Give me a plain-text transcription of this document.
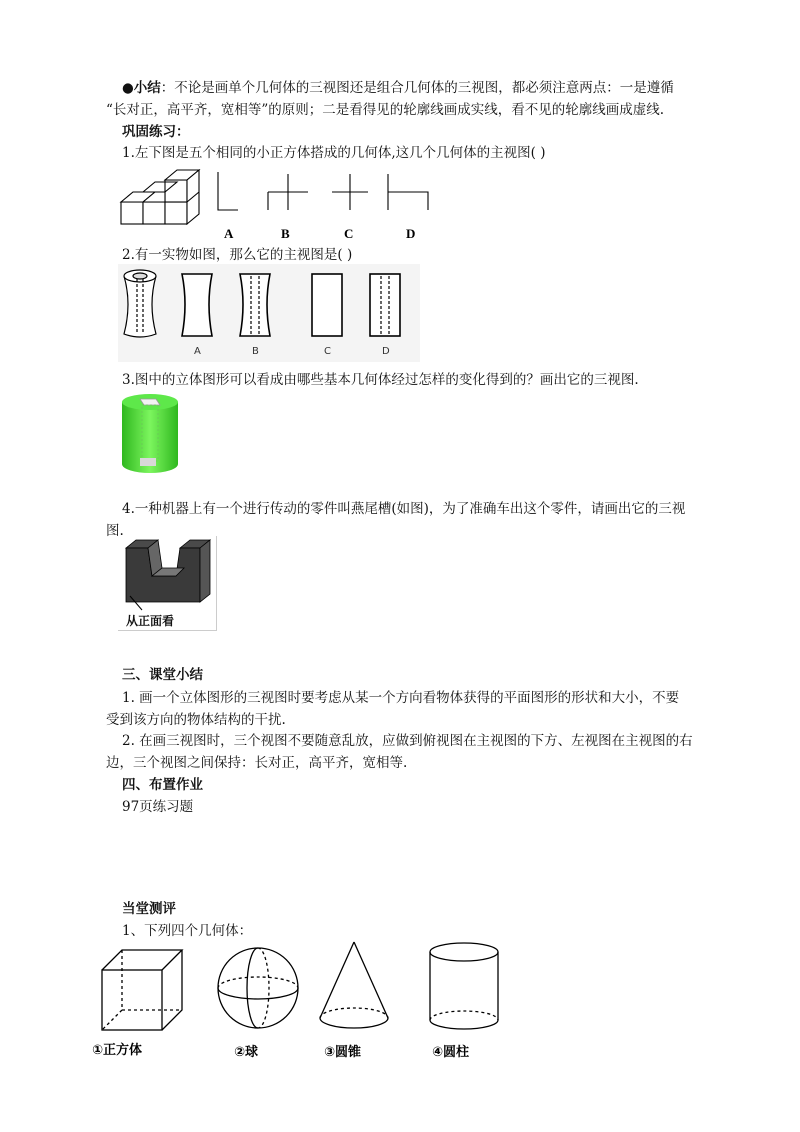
●小结：不论是画单个几何体的三视图还是组合几何体的三视图，都必须注意两点：一是遵循
“长对正，高平齐，宽相等”的原则；二是看得见的轮廓线画成实线，看不见的轮廓线画成虚线.
巩固练习：
1.左下图是五个相同的小正方体搭成的几何体,这几个几何体的主视图( )
A	B	C	D
2.有一实物如图，那么它的主视图是( )
A	B	C	D
3.图中的立体图形可以看成由哪些基本几何体经过怎样的变化得到的？画出它的三视图.
4.一种机器上有一个进行传动的零件叫燕尾槽(如图)，为了准确车出这个零件，请画出它的三视
图.
从正面看
三、课堂小结
1. 画一个立体图形的三视图时要考虑从某一个方向看物体获得的平面图形的形状和大小，不要
受到该方向的物体结构的干扰.
2. 在画三视图时，三个视图不要随意乱放，应做到俯视图在主视图的下方、左视图在主视图的右
边，三个视图之间保持：长对正，高平齐，宽相等.
四、布置作业
97页练习题
当堂测评
1、下列四个几何体：
①正方体	②球	③圆锥	④圆柱
